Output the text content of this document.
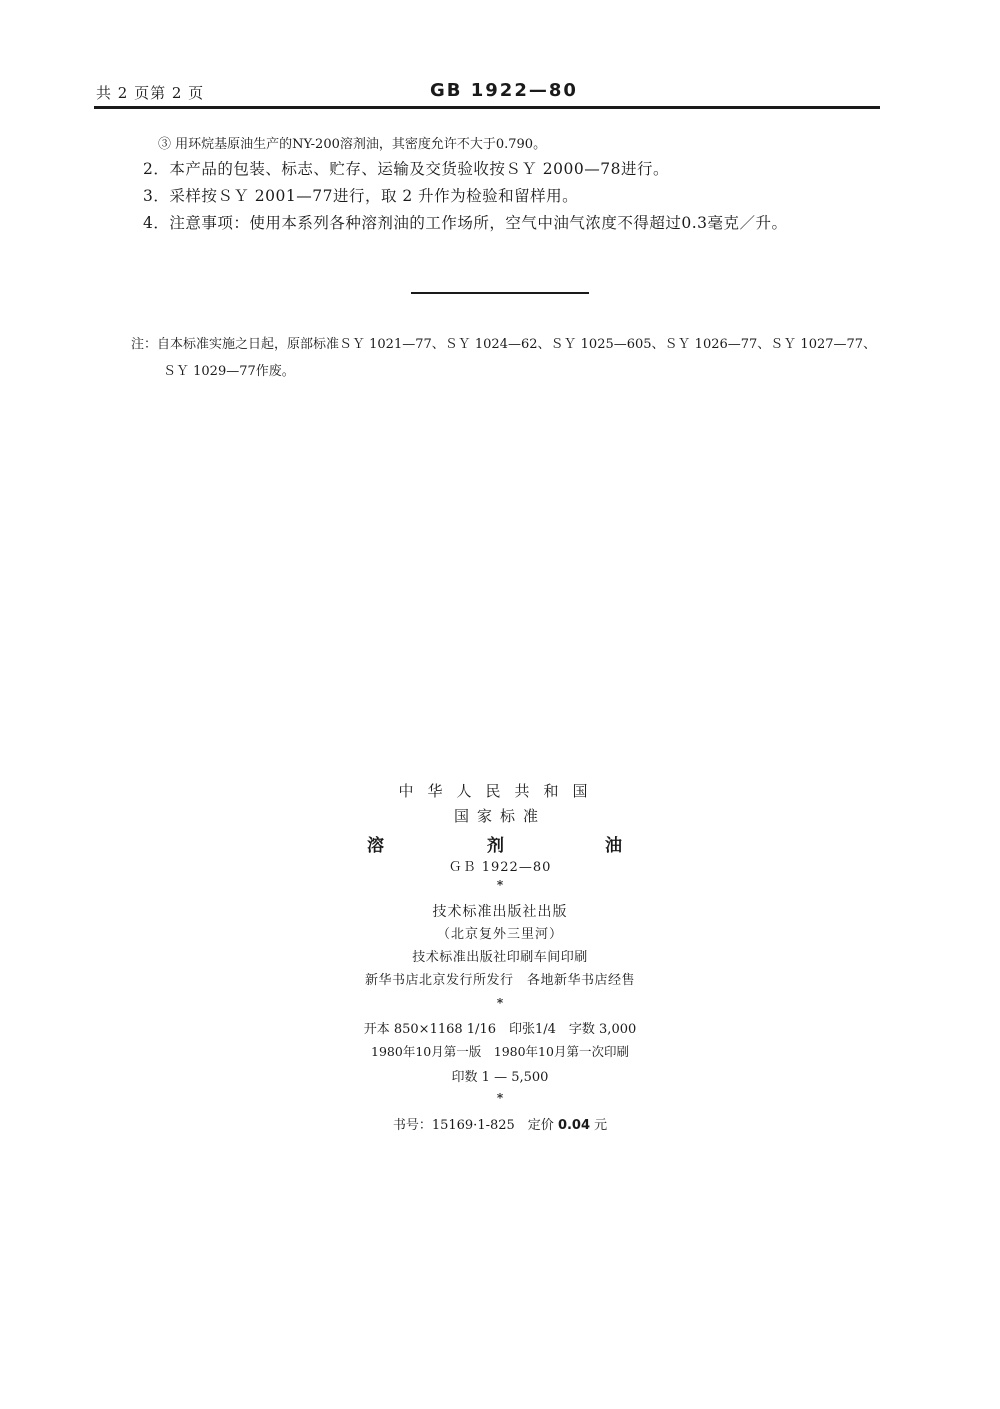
共 2 页第 2 页	GB 1922—80
③ 用环烷基原油生产的NY-200溶剂油，其密度允许不大于0.790。
2．本产品的包装、标志、贮存、运输及交货验收按ＳＹ 2000—78进行。
3．采样按ＳＹ 2001—77进行，取 2 升作为检验和留样用。
4．注意事项：使用本系列各种溶剂油的工作场所，空气中油气浓度不得超过0.3毫克／升。
注：自本标准实施之日起，原部标准ＳＹ 1021—77、ＳＹ 1024—62、ＳＹ 1025—605、ＳＹ 1026—77、ＳＹ 1027—77、
ＳＹ 1029—77作废。
中华人民共和国
国家标准
溶	剂	油
ＧＢ 1922—80
*
技术标准出版社出版
（北京复外三里河）
技术标准出版社印刷车间印刷
新华书店北京发行所发行　各地新华书店经售
*
开本 850×1168 1/16　印张1/4　字数 3,000
1980年10月第一版　1980年10月第一次印刷
印数 1 — 5,500
*
书号：15169·1-825　定价 0.04 元
